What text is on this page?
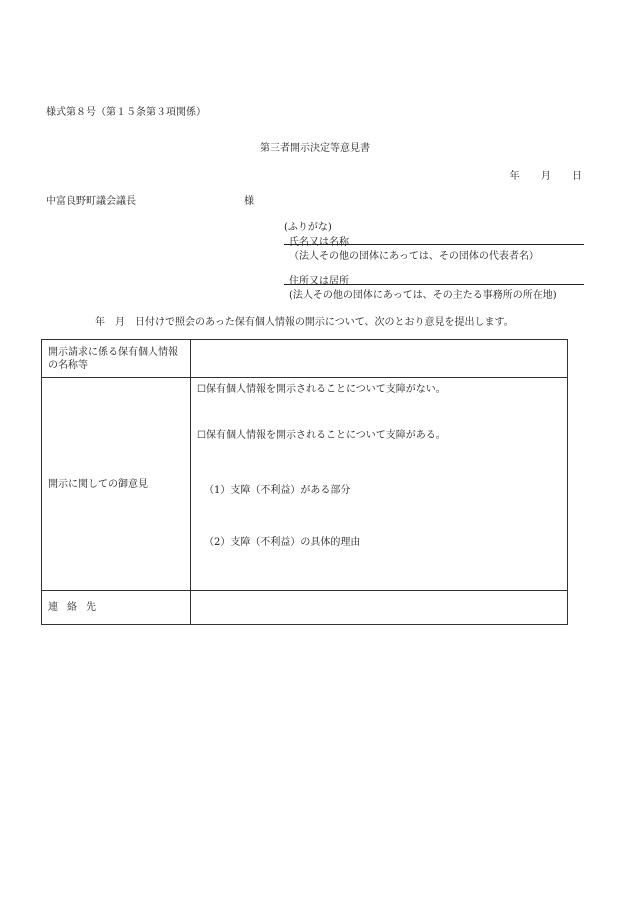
様式第８号（第１５条第３項関係）
第三者開示決定等意見書
年 月 日
中富良野町議会議長	様
(ふりがな)
氏名又は名称
（法人その他の団体にあっては、その団体の代表者名）
住所又は居所
(法人その他の団体にあっては、その主たる事務所の所在地)
年　月　日付けで照会のあった保有個人情報の開示について、次のとおり意見を提出します。
開示請求に係る保有個人情報の名称等	
開示に関しての御意見	☐保有個人情報を開示されることについて支障がない。
☐保有個人情報を開示されることについて支障がある。
（1）支障（不利益）がある部分
（2）支障（不利益）の具体的理由

連絡先	
